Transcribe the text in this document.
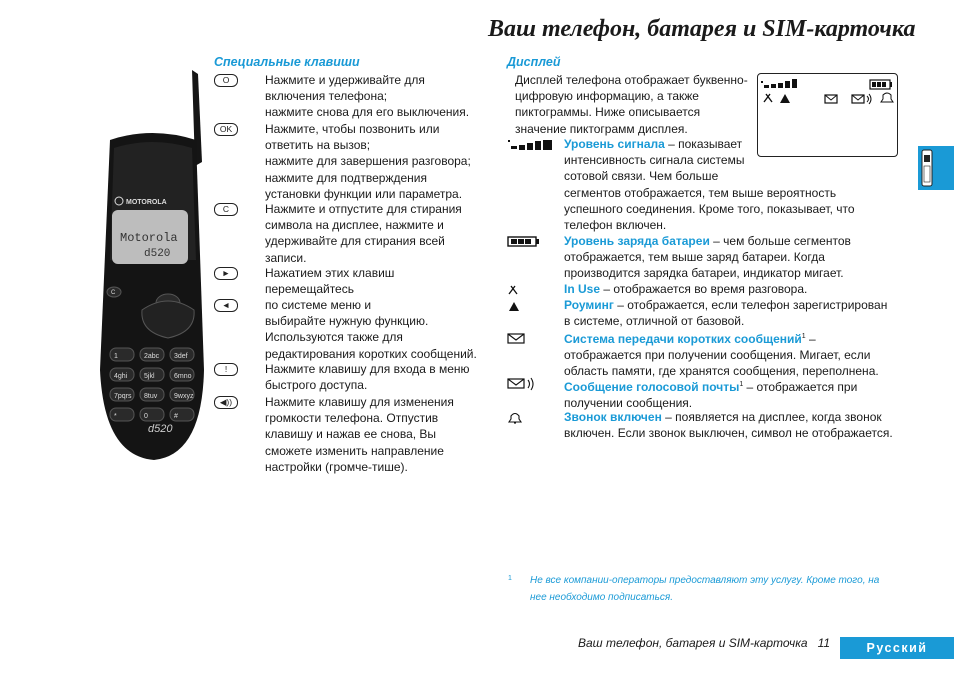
Ваш телефон, батарея и SIM-карточка
MOTOROLA
Motorola
d520
C
1	2abc 3def
4ghi 5jkl	6mno
7pqrs 8tuv 9wxyz
*	0	#
d520
Специальные клавиши
O	Нажмите и удерживайте для
включения телефона;
нажмите снова для его выключения.
OK	Нажмите, чтобы позвонить или
ответить на вызов;
нажмите для завершения разговора;
нажмите для подтверждения
установки функции или параметра.
C	Нажмите и отпустите для стирания
символа на дисплее, нажмите и
удерживайте для стирания всей
записи.
►	Нажатием этих клавиш
перемещайтесь
◄	по системе меню и
выбирайте нужную функцию.
Используются также для
редактирования коротких сообщений.
!	Нажмите клавишу для входа в меню
быстрого доступа.
◀))	Нажмите клавишу для изменения
громкости телефона. Отпустив
клавишу и нажав ее снова, Вы
сможете изменить направление
настройки (громче-тише).
Дисплей
Дисплей телефона отображает буквенно-
цифровую информацию, а также
пиктограммы. Ниже описывается
значение пиктограмм дисплея.
Уровень сигнала – показывает
интенсивность сигнала системы
сотовой связи. Чем больше
сегментов отображается, тем выше вероятность
успешного соединения. Кроме того, показывает, что
телефон включен.
Уровень заряда батареи – чем больше сегментов
отображается, тем выше заряд батареи. Когда
производится зарядка батареи, индикатор мигает.
In Use – отображается во время разговора.
Роуминг – отображается, если телефон зарегистрирован
в системе, отличной от базовой.
Система передачи коротких сообщений$^1$ –
отображается при получении сообщения. Мигает, если
область памяти, где хранятся сообщения, переполнена.
Сообщение голосовой почты$^1$ – отображается при
получении сообщения.
Звонок включен – появляется на дисплее, когда звонок
включен. Если звонок выключен, символ не отображается.
1 Не все компании-операторы предоставляют эту услугу. Кроме того, на
нее необходимо подписаться.
Ваш телефон, батарея и SIM-карточка 11	Русский
